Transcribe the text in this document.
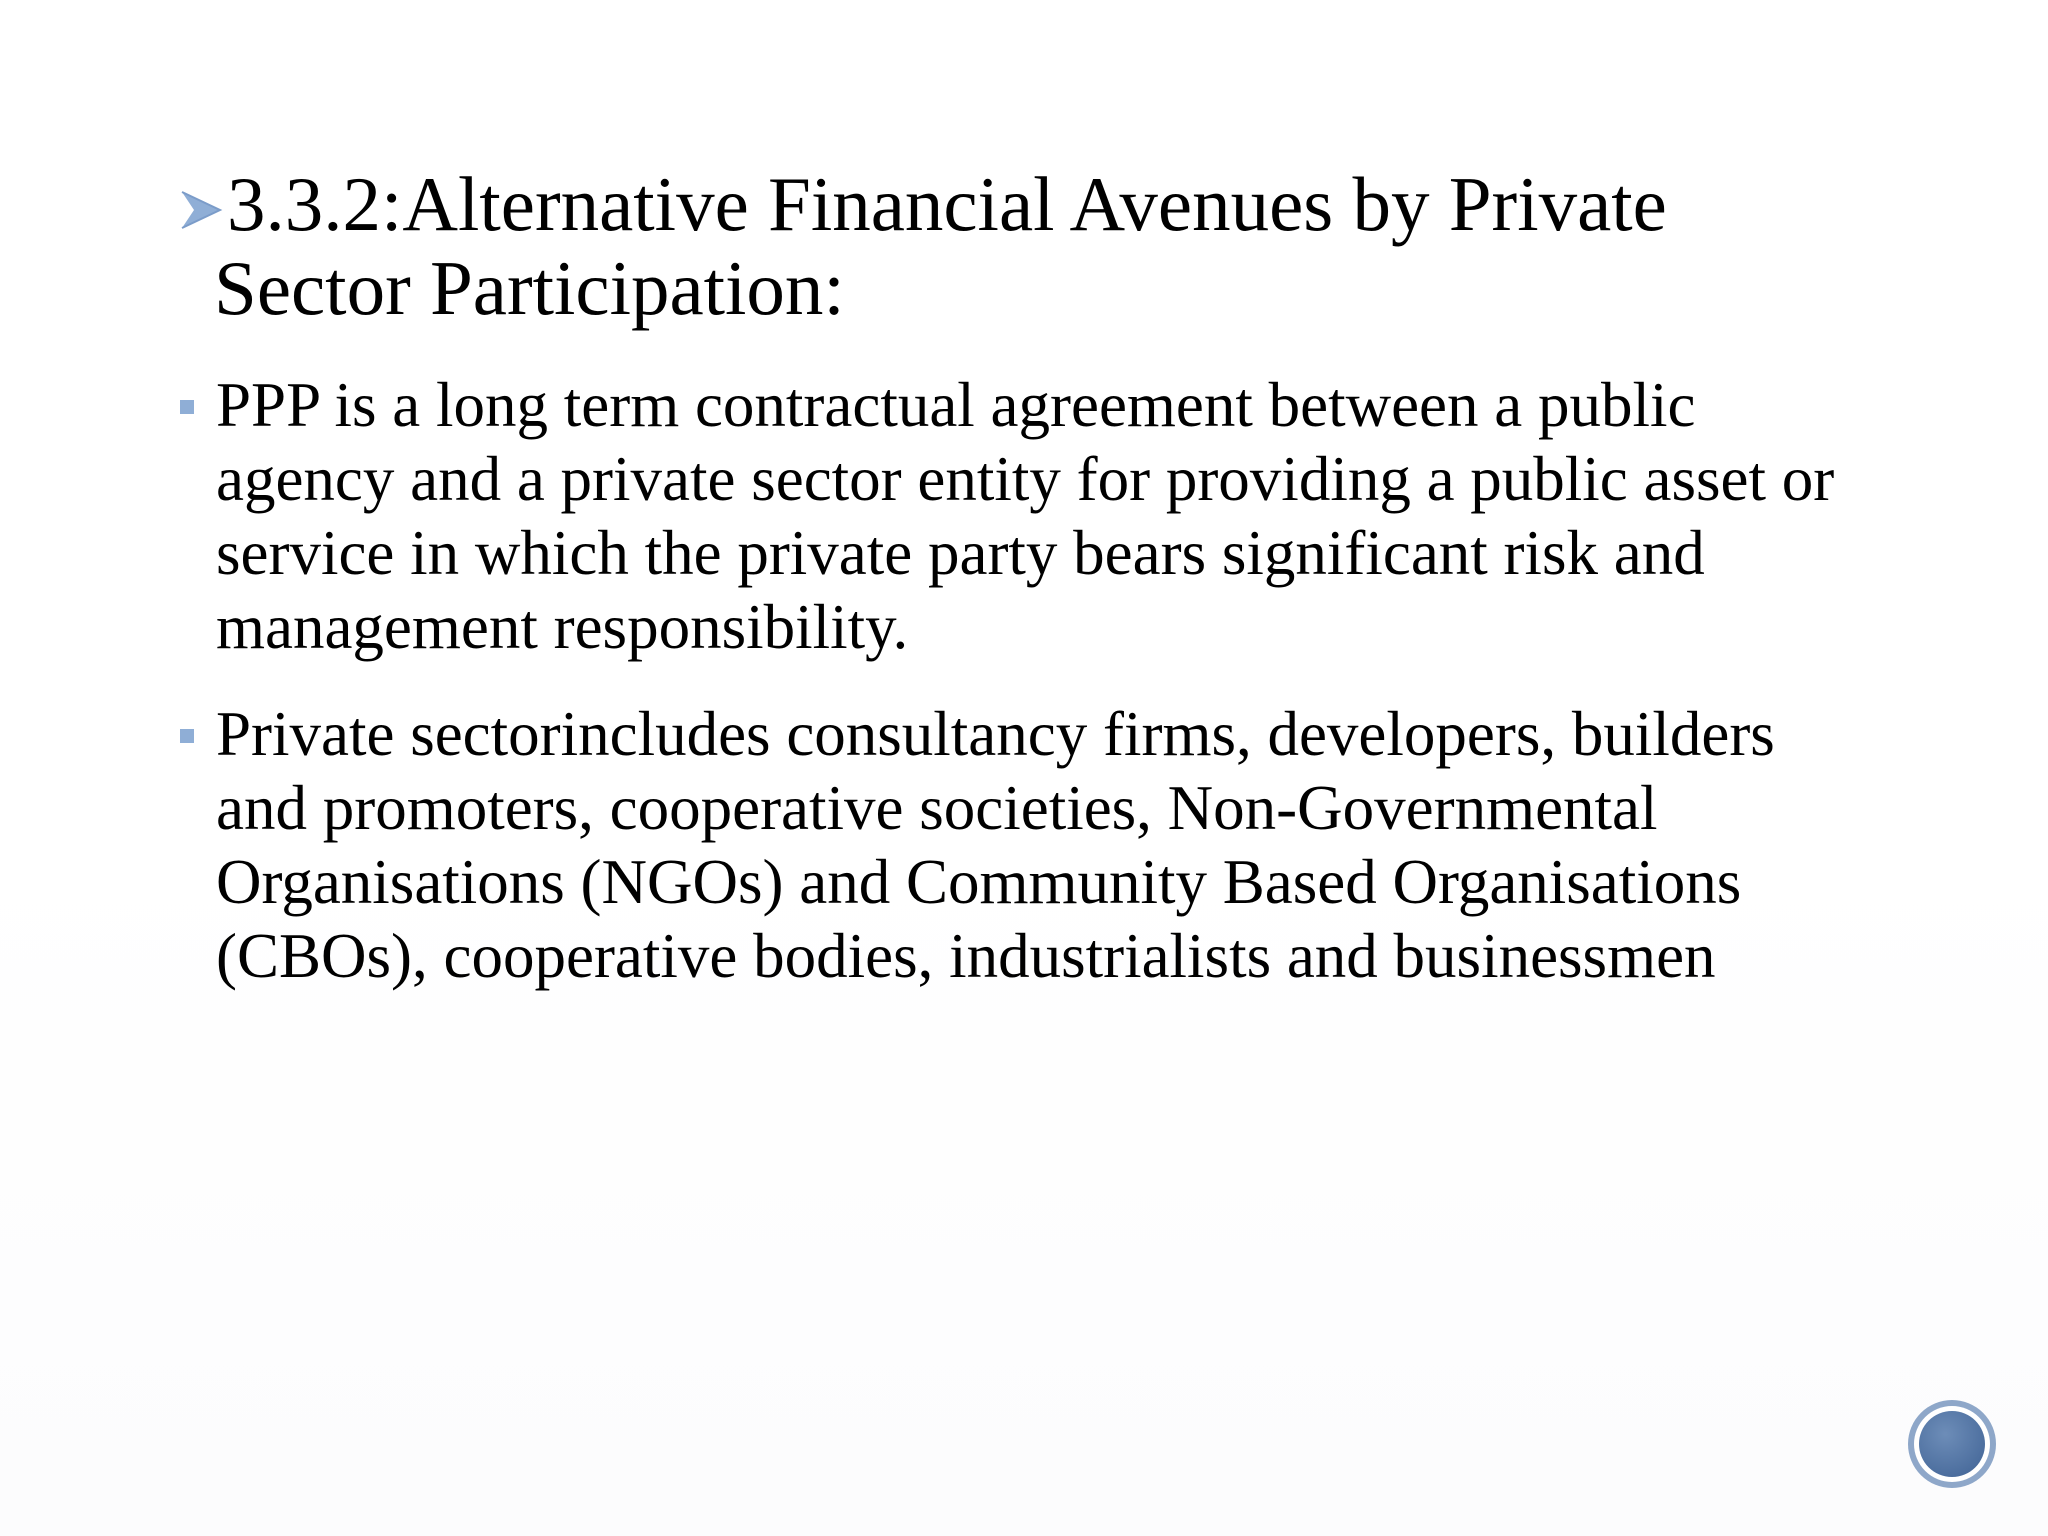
3.3.2:Alternative Financial Avenues by Private
Sector Participation:
PPP is a long term contractual agreement between a public agency and a private sector entity for providing a public asset or service in which the private party bears significant risk and management responsibility.
Private sectorincludes consultancy firms, developers, builders and promoters, cooperative societies, Non-Governmental Organisations (NGOs) and Community Based Organisations (CBOs), cooperative bodies, industrialists and businessmen
